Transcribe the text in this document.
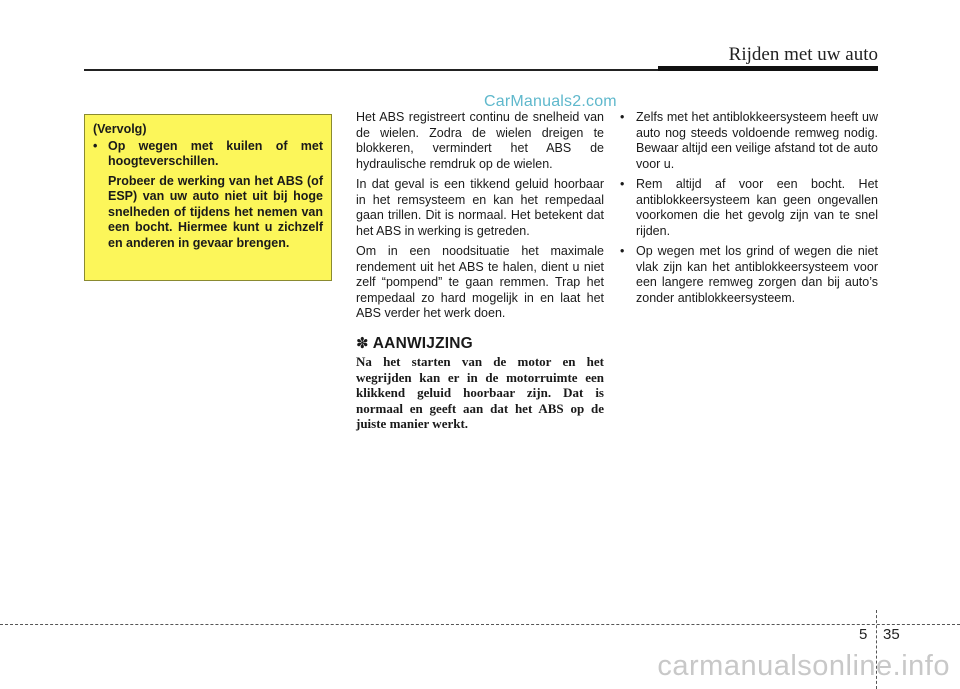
Rijden met uw auto
CarManuals2.com
(Vervolg)
• Op wegen met kuilen of met hoogteverschillen.
Probeer de werking van het ABS (of ESP) van uw auto niet uit bij hoge snelheden of tijdens het nemen van een bocht. Hiermee kunt u zichzelf en anderen in gevaar brengen.

Het ABS registreert continu de snelheid van de wielen. Zodra de wielen dreigen te blokkeren, vermindert het ABS de hydraulische remdruk op de wielen.

In dat geval is een tikkend geluid hoorbaar in het remsysteem en kan het rempedaal gaan trillen. Dit is normaal. Het betekent dat het ABS in werking is getreden.

Om in een noodsituatie het maximale rendement uit het ABS te halen, dient u niet zelf “pompend” te gaan remmen. Trap het rempedaal zo hard mogelijk in en laat het ABS verder het werk doen.

✽ AANWIJZING
Na het starten van de motor en het wegrijden kan er in de motorruimte een klikkend geluid hoorbaar zijn. Dat is normaal en geeft aan dat het ABS op de juiste manier werkt.
• Zelfs met het antiblokkeersysteem heeft uw auto nog steeds voldoende remweg nodig. Bewaar altijd een veilige afstand tot de auto voor u.
• Rem altijd af voor een bocht. Het antiblokkeersysteem kan geen ongevallen voorkomen die het gevolg zijn van te snel rijden.
• Op wegen met los grind of wegen die niet vlak zijn kan het antiblokkeersysteem voor een langere remweg zorgen dan bij auto’s zonder antiblokkeersysteem.
5 35
carmanualsonline.info
